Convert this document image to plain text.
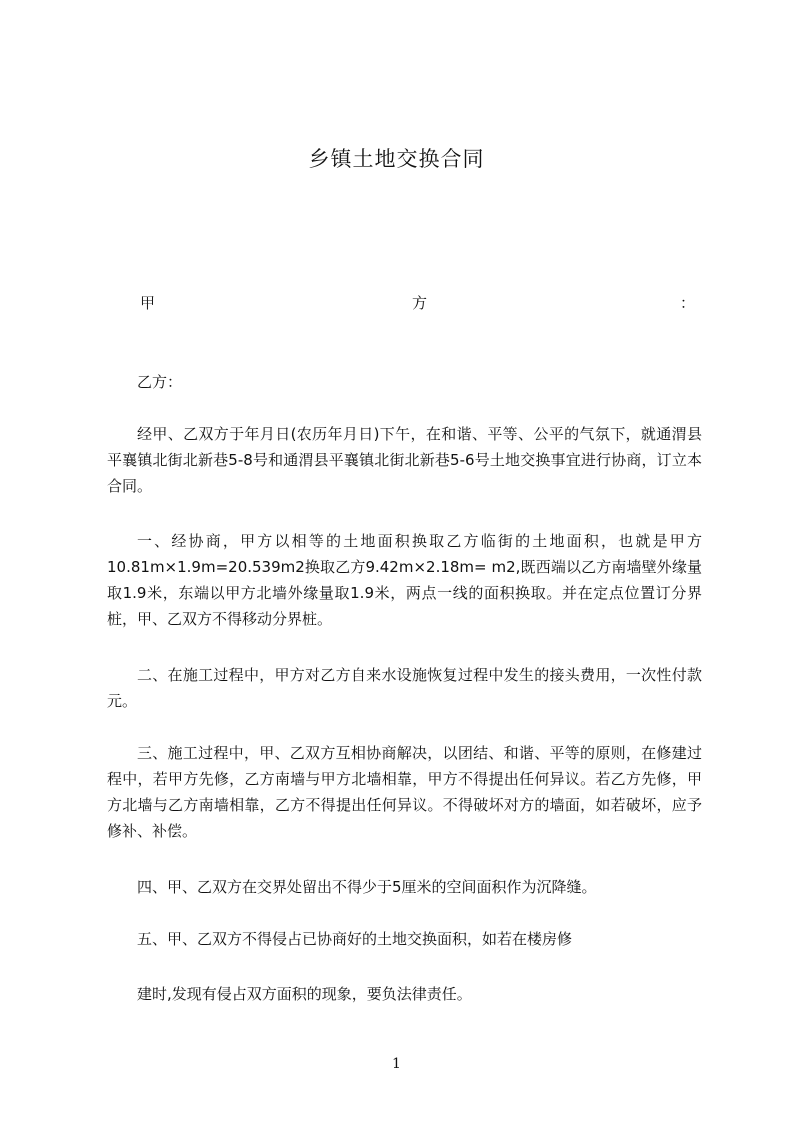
乡镇土地交换合同
甲	方	：

乙方：

经甲、乙双方于年月日(农历年月日)下午，在和谐、平等、公平的气氛下，就通渭县平襄镇北街北新巷5-8号和通渭县平襄镇北街北新巷5-6号土地交换事宜进行协商，订立本合同。

一、经协商，甲方以相等的土地面积换取乙方临街的土地面积，也就是甲方10.81m×1.9m=20.539m2换取乙方9.42m×2.18m= m2,既西端以乙方南墙壁外缘量取1.9米，东端以甲方北墙外缘量取1.9米，两点一线的面积换取。并在定点位置订分界桩，甲、乙双方不得移动分界桩。

二、在施工过程中，甲方对乙方自来水设施恢复过程中发生的接头费用，一次性付款元。

三、施工过程中，甲、乙双方互相协商解决，以团结、和谐、平等的原则，在修建过程中，若甲方先修，乙方南墙与甲方北墙相靠，甲方不得提出任何异议。若乙方先修，甲方北墙与乙方南墙相靠，乙方不得提出任何异议。不得破坏对方的墙面，如若破坏，应予修补、补偿。

四、甲、乙双方在交界处留出不得少于5厘米的空间面积作为沉降缝。

五、甲、乙双方不得侵占已协商好的土地交换面积，如若在楼房修

建时,发现有侵占双方面积的现象，要负法律责任。

1
